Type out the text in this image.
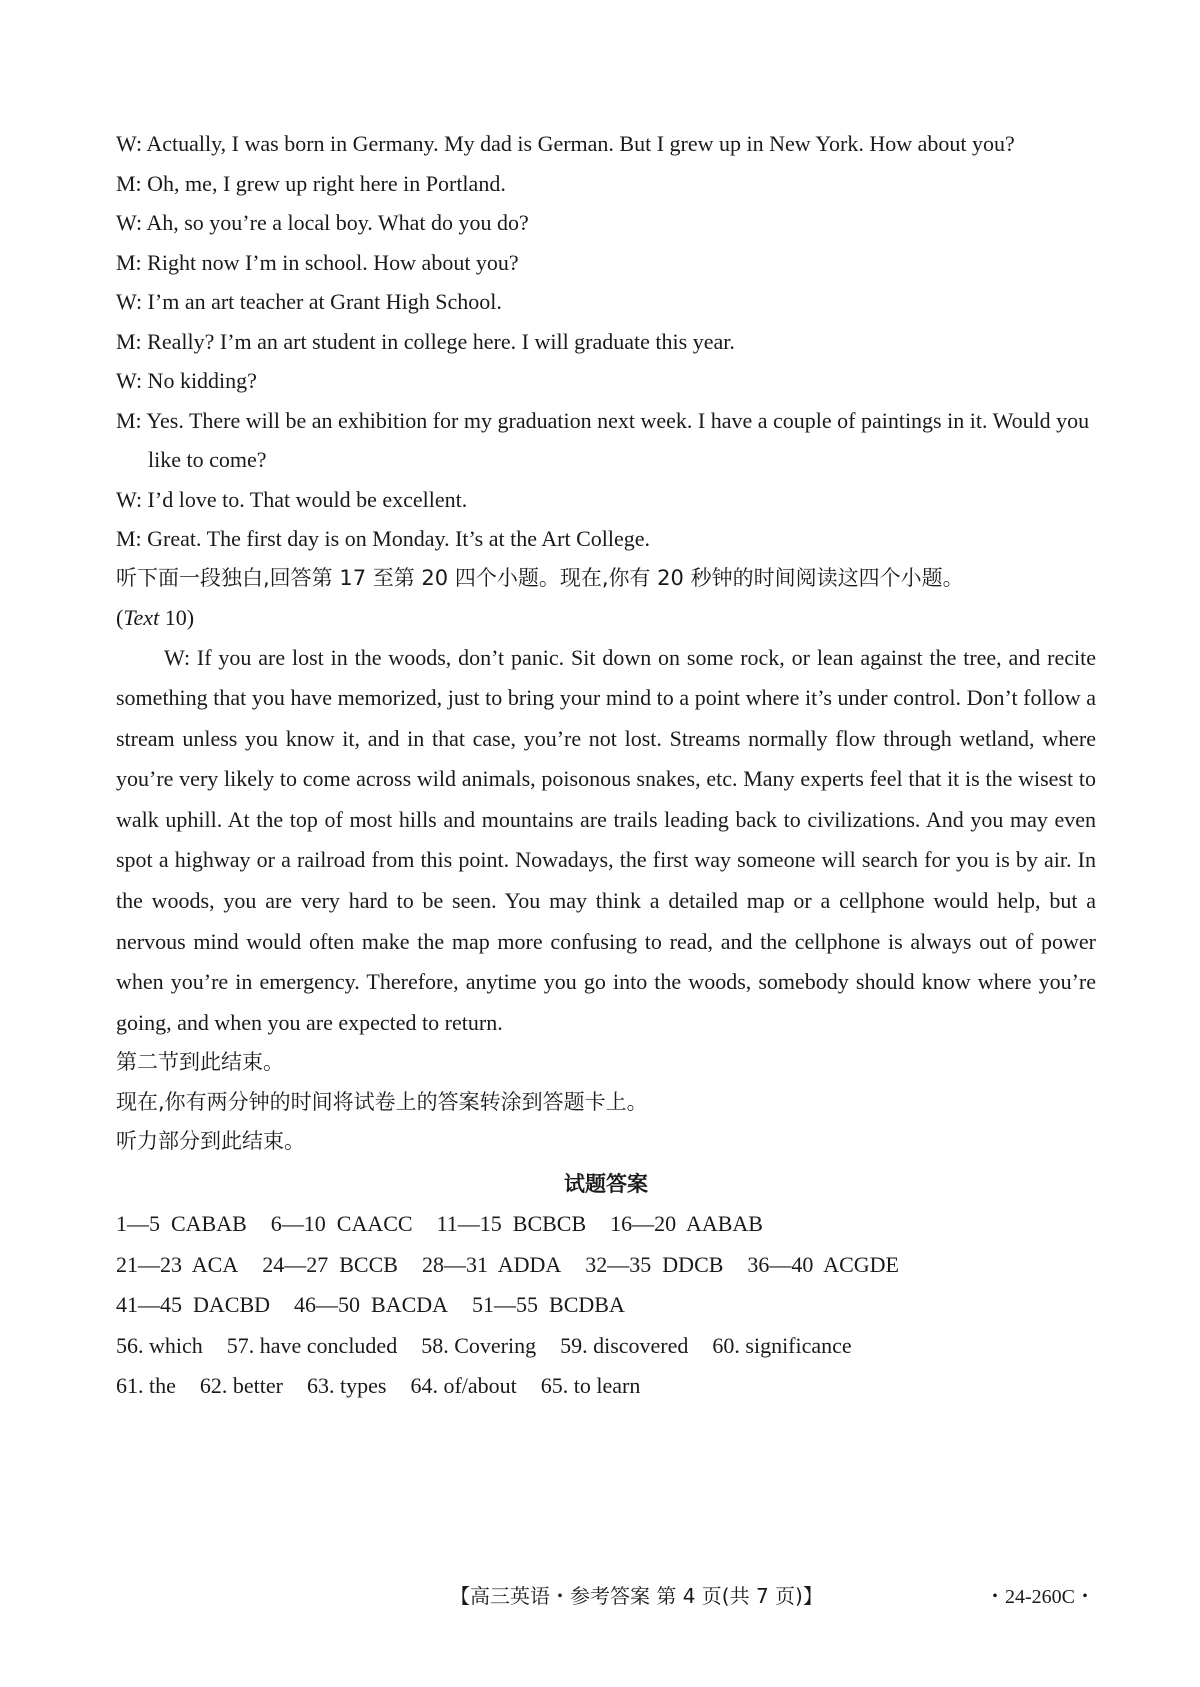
W: Actually, I was born in Germany. My dad is German. But I grew up in New York. How about you?
M: Oh, me, I grew up right here in Portland.
W: Ah, so you’re a local boy. What do you do?
M: Right now I’m in school. How about you?
W: I’m an art teacher at Grant High School.
M: Really? I’m an art student in college here. I will graduate this year.
W: No kidding?
M: Yes. There will be an exhibition for my graduation next week. I have a couple of paintings in it. Would you like to come?
W: I’d love to. That would be excellent.
M: Great. The first day is on Monday. It’s at the Art College.
听下面一段独白,回答第 17 至第 20 四个小题。现在,你有 20 秒钟的时间阅读这四个小题。
(Text 10)
W: If you are lost in the woods, don’t panic. Sit down on some rock, or lean against the tree, and recite something that you have memorized, just to bring your mind to a point where it’s under control. Don’t follow a stream unless you know it, and in that case, you’re not lost. Streams normally flow through wetland, where you’re very likely to come across wild animals, poisonous snakes, etc. Many experts feel that it is the wisest to walk uphill. At the top of most hills and mountains are trails leading back to civilizations. And you may even spot a highway or a railroad from this point. Nowadays, the first way someone will search for you is by air. In the woods, you are very hard to be seen. You may think a detailed map or a cellphone would help, but a nervous mind would often make the map more confusing to read, and the cellphone is always out of power when you’re in emergency. Therefore, anytime you go into the woods, somebody should know where you’re going, and when you are expected to return.
第二节到此结束。
现在,你有两分钟的时间将试卷上的答案转涂到答题卡上。
听力部分到此结束。
试题答案
1—5  CABAB 6—10  CAACC 11—15  BCBCB 16—20  AABAB
21—23  ACA 24—27  BCCB 28—31  ADDA 32—35  DDCB 36—40  ACGDE
41—45  DACBD 46—50  BACDA 51—55  BCDBA
56. which 57. have concluded 58. Covering 59. discovered 60. significance
61. the 62. better 63. types 64. of/about 65. to learn
【高三英语・参考答案 第 4 页(共 7 页)】	・24-260C・
